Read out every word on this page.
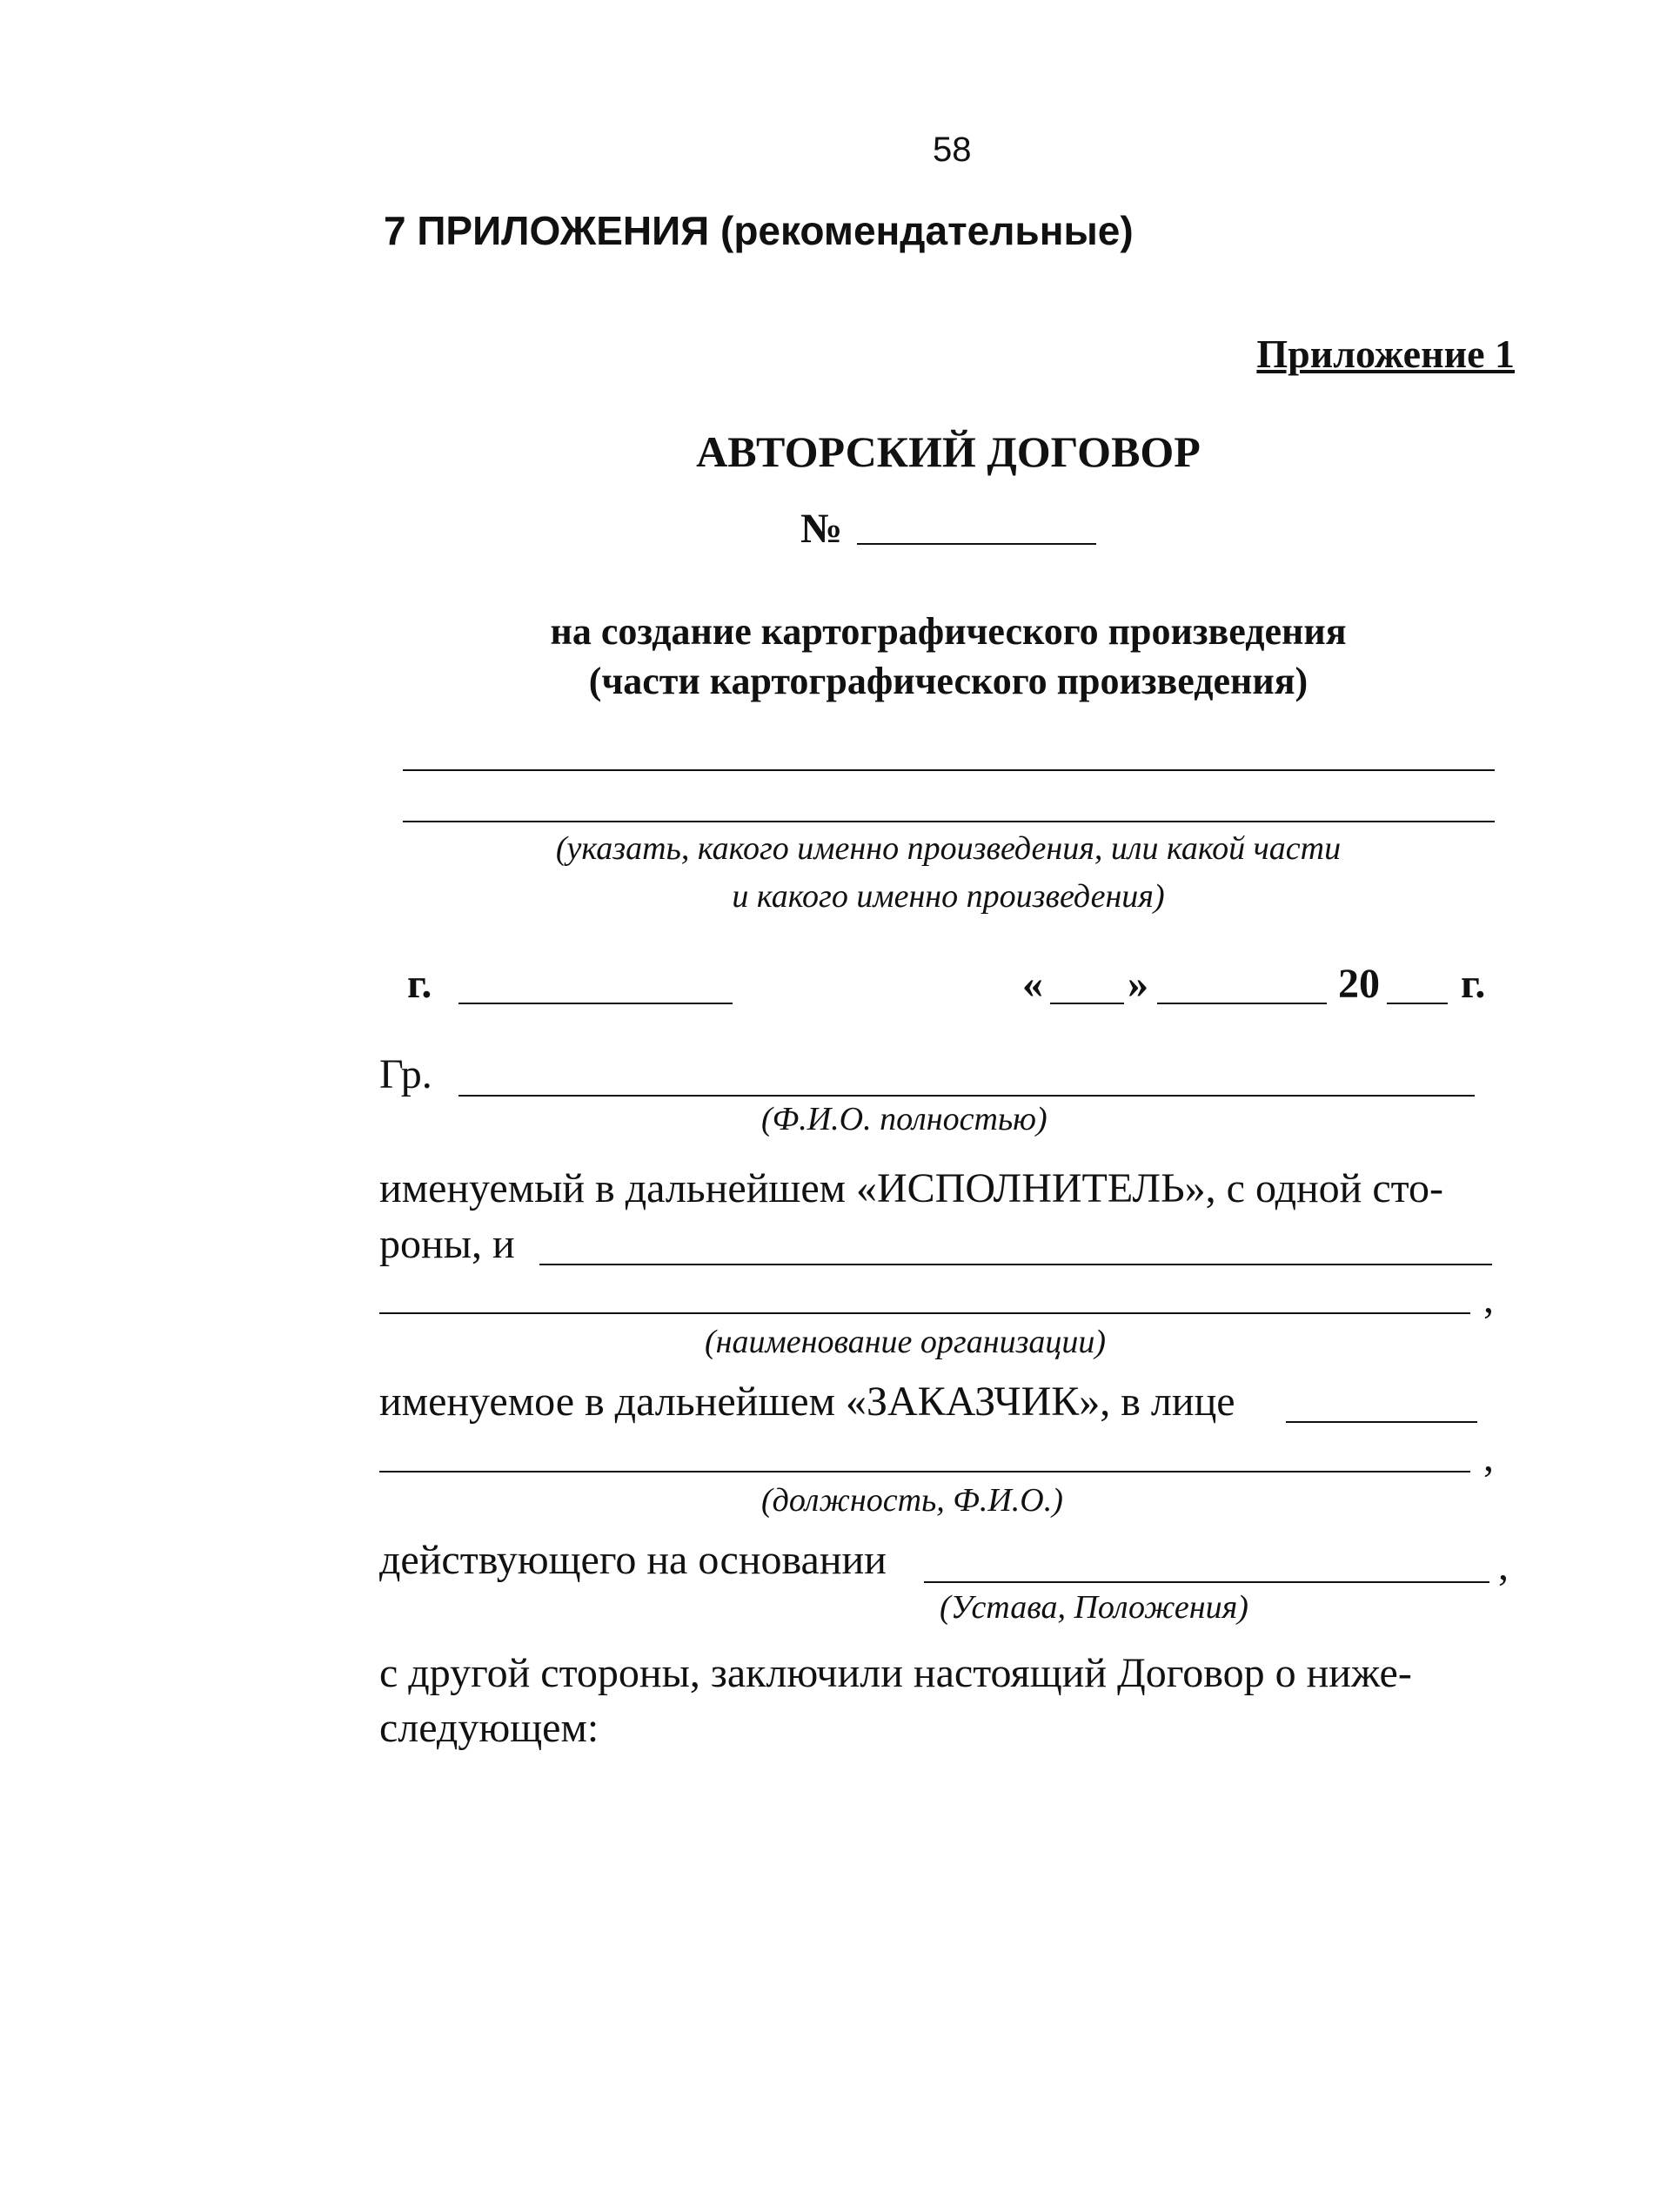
58
7 ПРИЛОЖЕНИЯ (рекомендательные)
Приложение 1
АВТОРСКИЙ ДОГОВОР
№
на создание картографического произведения
(части картографического произведения)
(указать, какого именно произведения, или какой части
и какого именно произведения)
г.	« »	20 г.
Гр.
(Ф.И.О. полностью)
именуемый в дальнейшем «ИСПОЛНИТЕЛЬ», с одной сто-
роны, и
,
(наименование организации)
именуемое в дальнейшем «ЗАКАЗЧИК», в лице
,
(должность, Ф.И.О.)
действующего на основании	,
(Устава, Положения)
с другой стороны, заключили настоящий Договор о ниже-
следующем:
